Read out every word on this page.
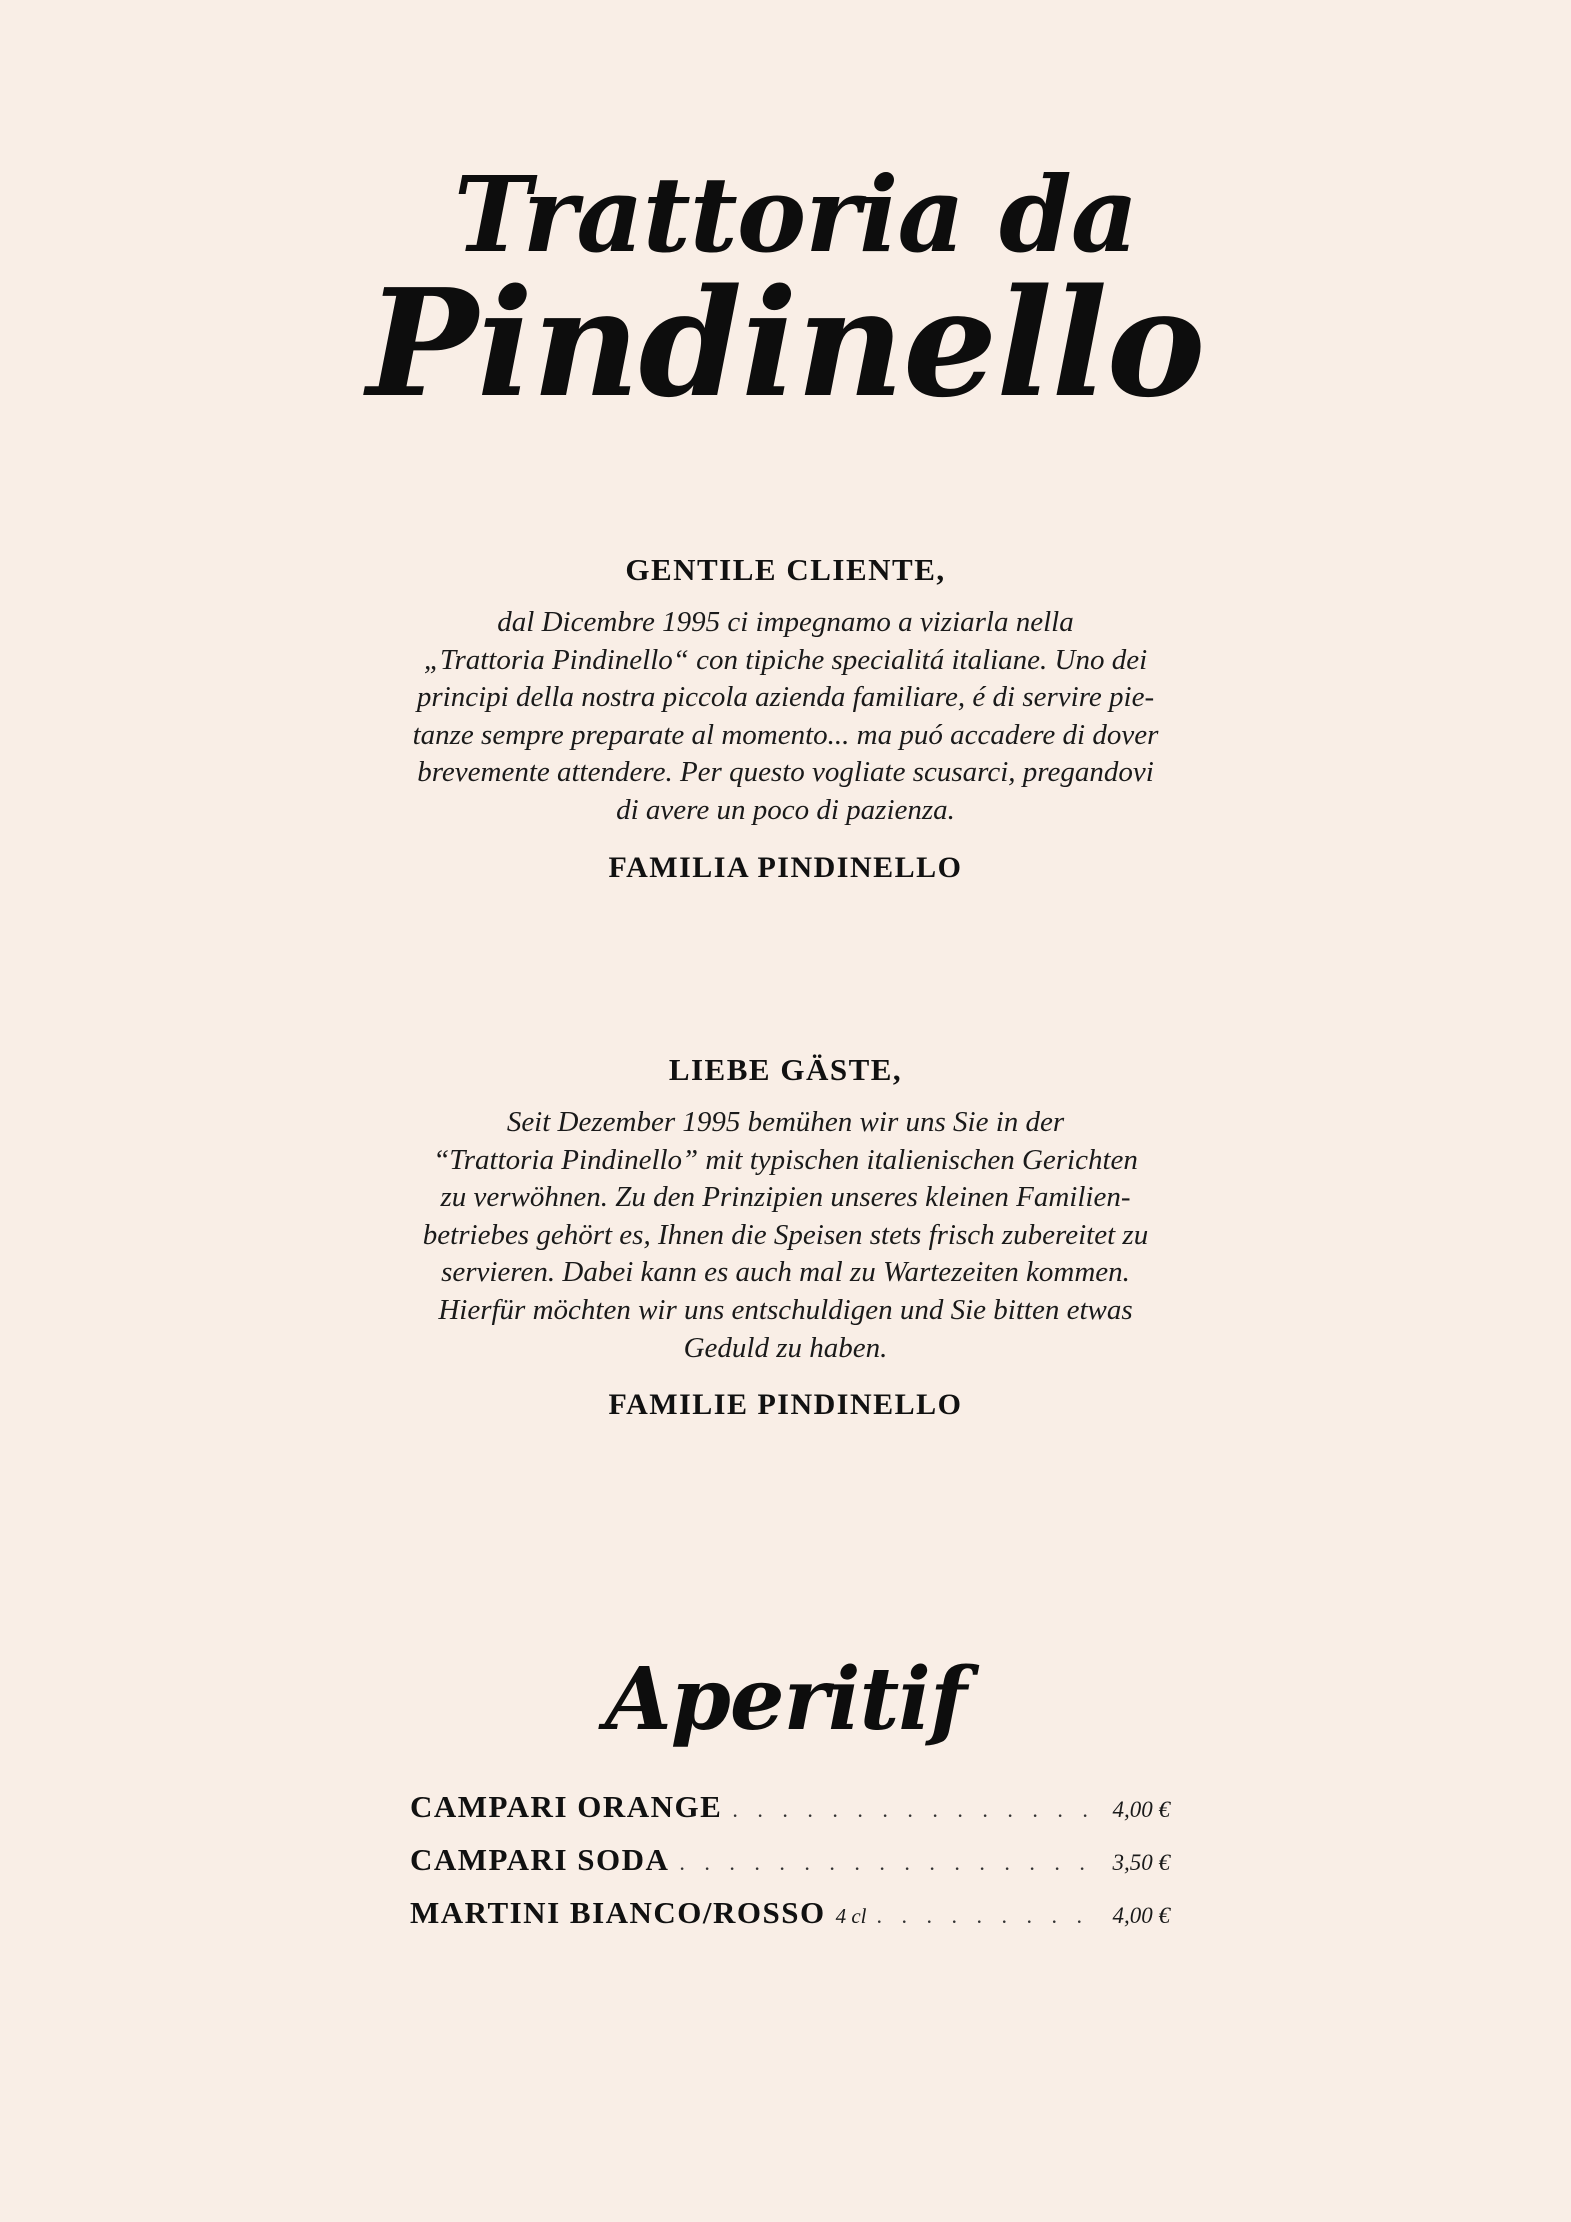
Trattoria da
Pindinello
GENTILE CLIENTE,

dal Dicembre 1995 ci impegnamo a viziarla nella

„Trattoria Pindinello“ con tipiche specialitá italiane. Uno dei

principi della nostra piccola azienda familiare, é di servire pie-

tanze sempre preparate al momento... ma puó accadere di dover

brevemente attendere. Per questo vogliate scusarci, pregandovi

di avere un poco di pazienza.

FAMILIA PINDINELLO
LIEBE GÄSTE,

Seit Dezember 1995 bemühen wir uns Sie in der

“Trattoria Pindinello” mit typischen italienischen Gerichten

zu verwöhnen. Zu den Prinzipien unseres kleinen Familien-

betriebes gehört es, Ihnen die Speisen stets frisch zubereitet zu

servieren. Dabei kann es auch mal zu Wartezeiten kommen.

Hierfür möchten wir uns entschuldigen und Sie bitten etwas

Geduld zu haben.

FAMILIE PINDINELLO
Aperitif
CAMPARI ORANGE . . .	4,00 €
CAMPARI SODA . . .	3,50 €
MARTINI BIANCO/ROSSO 4 cl . . .	4,00 €
